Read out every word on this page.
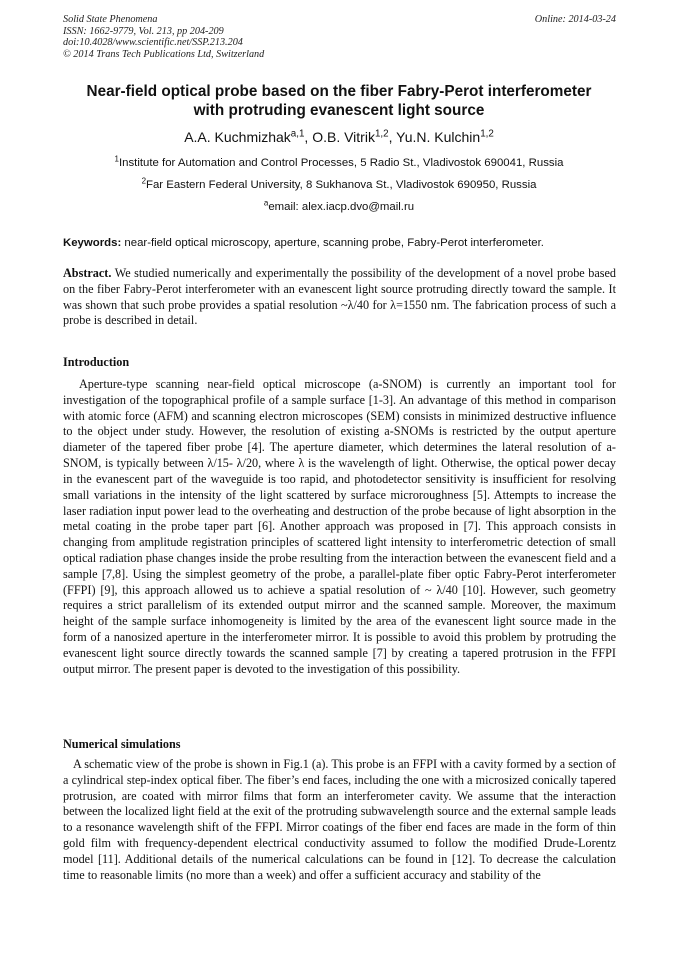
Solid State Phenomena
ISSN: 1662-9779, Vol. 213, pp 204-209
doi:10.4028/www.scientific.net/SSP.213.204
© 2014 Trans Tech Publications Ltd, Switzerland
Online: 2014-03-24
Near-field optical probe based on the fiber Fabry-Perot interferometer
with protruding evanescent light source
A.A. Kuchmizhak$^{a,1}$, O.B. Vitrik$^{1,2}$, Yu.N. Kulchin$^{1,2}$
$^1$Institute for Automation and Control Processes, 5 Radio St., Vladivostok 690041, Russia
$^2$Far Eastern Federal University, 8 Sukhanova St., Vladivostok 690950, Russia
$^a$email: alex.iacp.dvo@mail.ru
Keywords: near-field optical microscopy, aperture, scanning probe, Fabry-Perot interferometer.

Abstract. We studied numerically and experimentally the possibility of the development of a novel probe based on the fiber Fabry-Perot interferometer with an evanescent light source protruding directly toward the sample. It was shown that such probe provides a spatial resolution ~λ/40 for λ=1550 nm. The fabrication process of such a probe is described in detail.

Introduction
Aperture-type scanning near-field optical microscope (a-SNOM) is currently an important tool for investigation of the topographical profile of a sample surface [1-3]. An advantage of this method in comparison with atomic force (AFM) and scanning electron microscopes (SEM) consists in minimized destructive influence to the object under study. However, the resolution of existing a-SNOMs is restricted by the output aperture diameter of the tapered fiber probe [4]. The aperture diameter, which determines the lateral resolution of a-SNOM, is typically between λ/15- λ/20, where λ is the wavelength of light. Otherwise, the optical power decay in the evanescent part of the waveguide is too rapid, and photodetector sensitivity is insufficient for resolving small variations in the intensity of the light scattered by surface microroughness [5]. Attempts to increase the laser radiation input power lead to the overheating and destruction of the probe because of light absorption in the metal coating in the probe taper part [6]. Another approach was proposed in [7]. This approach consists in changing from amplitude registration principles of scattered light intensity to interferometric detection of small optical radiation phase changes inside the probe resulting from the interaction between the evanescent field and a sample [7,8]. Using the simplest geometry of the probe, a parallel-plate fiber optic Fabry-Perot interferometer (FFPI) [9], this approach allowed us to achieve a spatial resolution of ~ λ/40 [10]. However, such geometry requires a strict parallelism of its extended output mirror and the scanned sample. Moreover, the maximum height of the sample surface inhomogeneity is limited by the area of the evanescent light source made in the form of a nanosized aperture in the interferometer mirror. It is possible to avoid this problem by protruding the evanescent light source directly towards the scanned sample [7] by creating a tapered protrusion in the FFPI output mirror. The present paper is devoted to the investigation of this possibility.
Numerical simulations
A schematic view of the probe is shown in Fig.1 (a). This probe is an FFPI with a cavity formed by a section of a cylindrical step-index optical fiber. The fiber’s end faces, including the one with a microsized conically tapered protrusion, are coated with mirror films that form an interferometer cavity. We assume that the interaction between the localized light field at the exit of the protruding subwavelength source and the external sample leads to a resonance wavelength shift of the FFPI. Mirror coatings of the fiber end faces are made in the form of thin gold film with frequency-dependent electrical conductivity assumed to follow the modified Drude-Lorentz model [11]. Additional details of the numerical calculations can be found in [12]. To decrease the calculation time to reasonable limits (no more than a week) and offer a sufficient accuracy and stability of the
